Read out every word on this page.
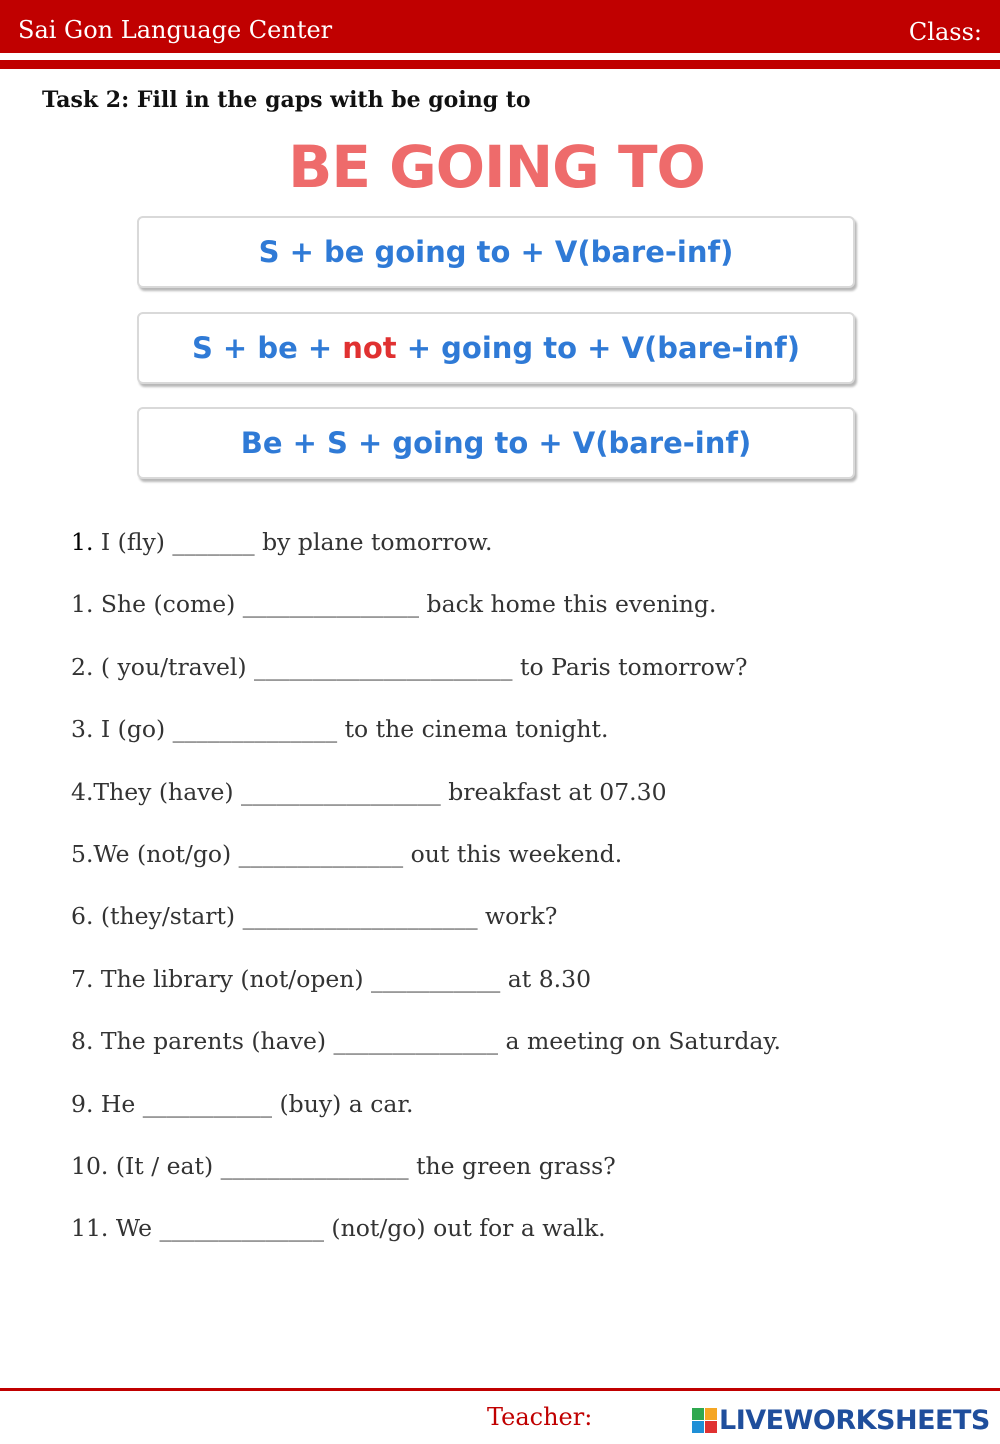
Sai Gon Language Center	Class:
Task 2: Fill in the gaps with be going to
BE GOING TO
S + be going to + V(bare-inf)
S + be + not + going to + V(bare-inf)
Be + S + going to + V(bare-inf)
1. I (fly) _______ by plane tomorrow.
1. She (come) _______________ back home this evening.
2. ( you/travel) ______________________ to Paris tomorrow?
3. I (go) ______________ to the cinema tonight.
4.They (have) _________________ breakfast at 07.30
5.We (not/go) ______________ out this weekend.
6. (they/start) ____________________ work?
7. The library (not/open) ___________ at 8.30
8. The parents (have) ______________ a meeting on Saturday.
9. He ___________ (buy) a car.
10. (It / eat) ________________ the green grass?
11. We ______________ (not/go) out for a walk.
Teacher:	LIVEWORKSHEETS
